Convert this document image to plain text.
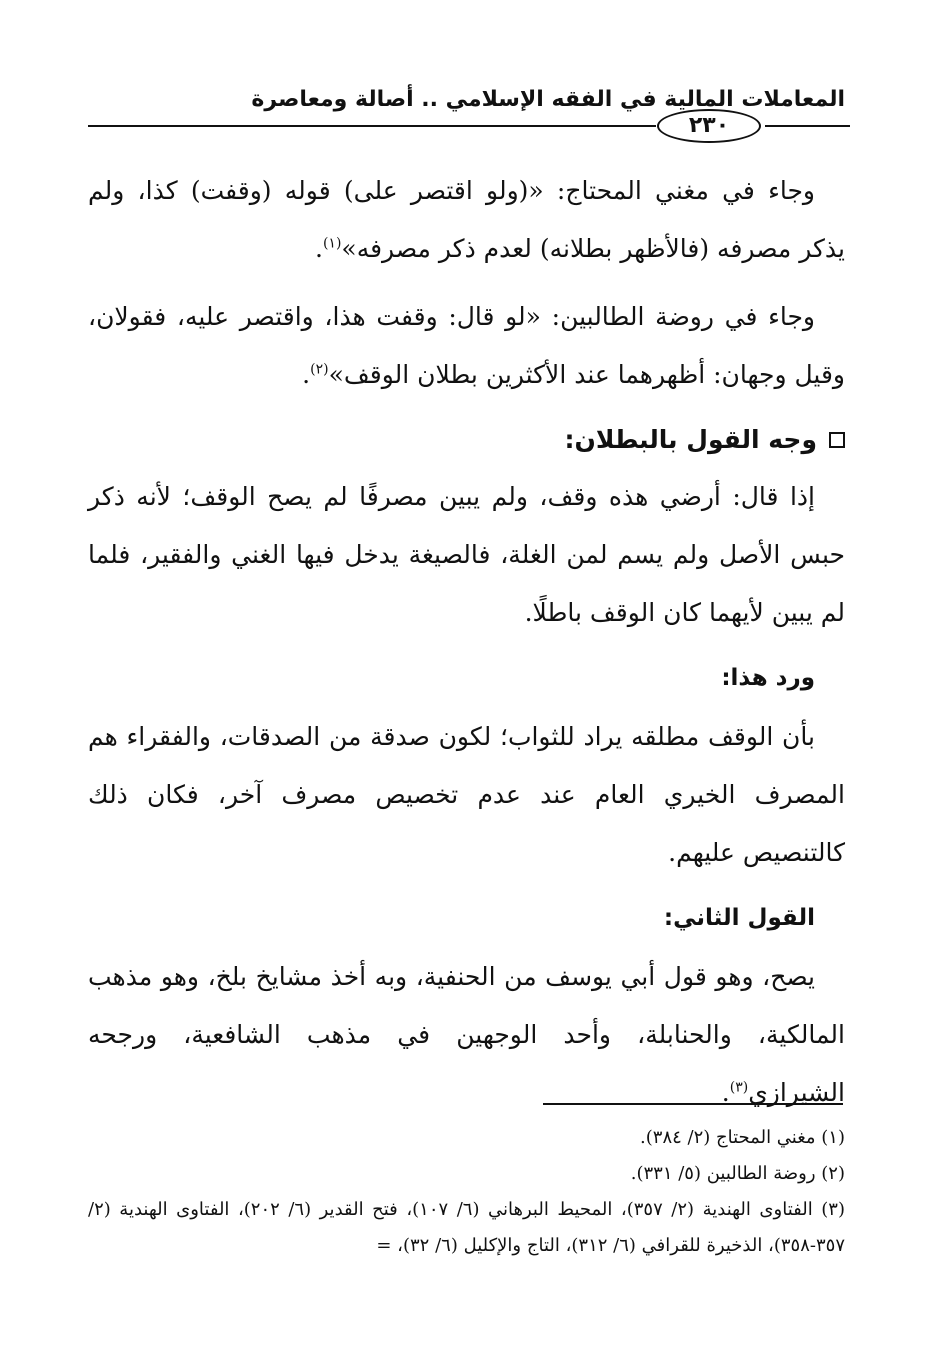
المعاملات المالية في الفقه الإسلامي .. أصالة ومعاصرة
٢٣٠

وجاء في مغني المحتاج: «(ولو اقتصر على) قوله (وقفت) كذا، ولم يذكر مصرفه (فالأظهر بطلانه) لعدم ذكر مصرفه»$^{(١)}$.

وجاء في روضة الطالبين: «لو قال: وقفت هذا، واقتصر عليه، فقولان، وقيل وجهان: أظهرهما عند الأكثرين بطلان الوقف»$^{(٢)}$.

وجه القول بالبطلان:

إذا قال: أرضي هذه وقف، ولم يبين مصرفًا لم يصح الوقف؛ لأنه ذكر حبس الأصل ولم يسم لمن الغلة، فالصيغة يدخل فيها الغني والفقير، فلما لم يبين لأيهما كان الوقف باطلًا.

ورد هذا:

بأن الوقف مطلقه يراد للثواب؛ لكون صدقة من الصدقات، والفقراء هم المصرف الخيري العام عند عدم تخصيص مصرف آخر، فكان ذلك كالتنصيص عليهم.

القول الثاني:

يصح، وهو قول أبي يوسف من الحنفية، وبه أخذ مشايخ بلخ، وهو مذهب المالكية، والحنابلة، وأحد الوجهين في مذهب الشافعية، ورجحه الشيرازي$^{(٣)}$.

(١) مغني المحتاج (٢/ ٣٨٤).

(٢) روضة الطالبين (٥/ ٣٣١).

(٣) الفتاوى الهندية (٢/ ٣٥٧)، المحيط البرهاني (٦/ ١٠٧)، فتح القدير (٦/ ٢٠٢)، الفتاوى الهندية (٢/ ٣٥٧-٣٥٨)، الذخيرة للقرافي (٦/ ٣١٢)، التاج والإكليل (٦/ ٣٢)، =
